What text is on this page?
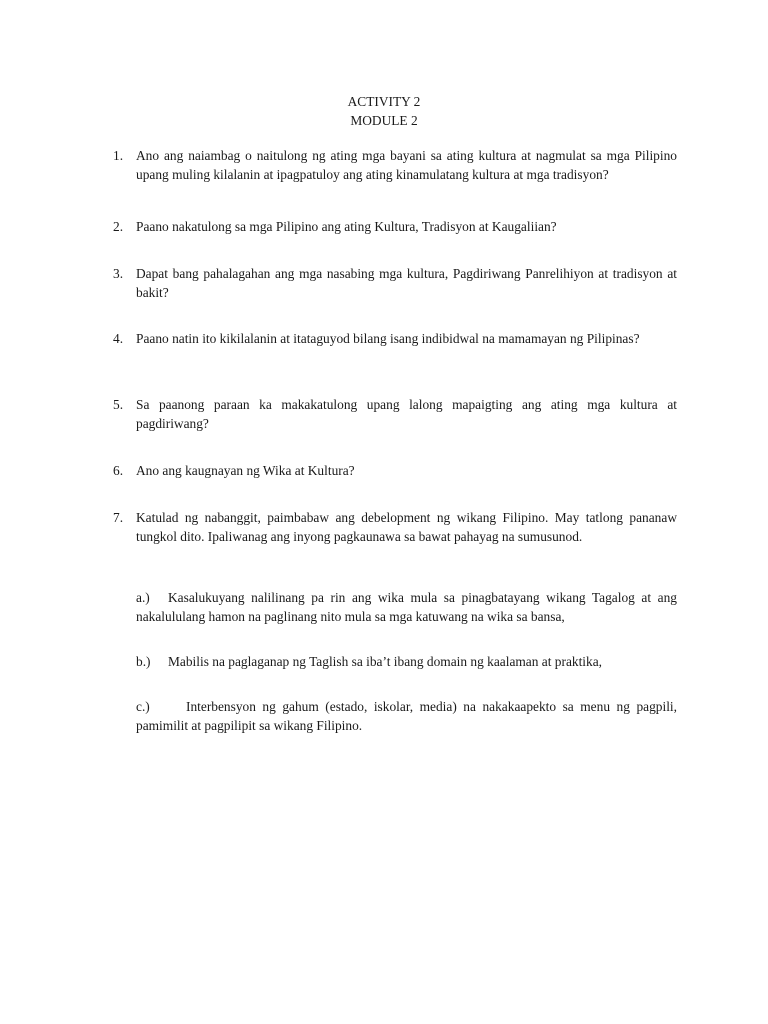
ACTIVITY 2
MODULE 2
1. Ano ang naiambag o naitulong ng ating mga bayani sa ating kultura at nagmulat sa mga Pilipino upang muling kilalanin at ipagpatuloy ang ating kinamulatang kultura at mga tradisyon?
2. Paano nakatulong sa mga Pilipino ang ating Kultura, Tradisyon at Kaugaliian?
3. Dapat bang pahalagahan ang mga nasabing mga kultura, Pagdiriwang Panrelihiyon at tradisyon at bakit?
4. Paano natin ito kikilalanin at itataguyod bilang isang indibidwal na mamamayan ng Pilipinas?
5. Sa paanong paraan ka makakatulong upang lalong mapaigting ang ating mga kultura at pagdiriwang?
6. Ano ang kaugnayan ng Wika at Kultura?
7. Katulad ng nabanggit, paimbabaw ang debelopment ng wikang Filipino. May tatlong pananaw tungkol dito. Ipaliwanag ang inyong pagkaunawa sa bawat pahayag na sumusunod.
a.) Kasalukuyang nalilinang pa rin ang wika mula sa pinagbatayang wikang Tagalog at ang nakalululang hamon na paglinang nito mula sa mga katuwang na wika sa bansa,
b.) Mabilis na paglaganap ng Taglish sa iba’t ibang domain ng kaalaman at praktika,
c.)	Interbensyon ng gahum (estado, iskolar, media) na nakakaapekto sa menu ng pagpili, pamimilit at pagpilipit sa wikang Filipino.
